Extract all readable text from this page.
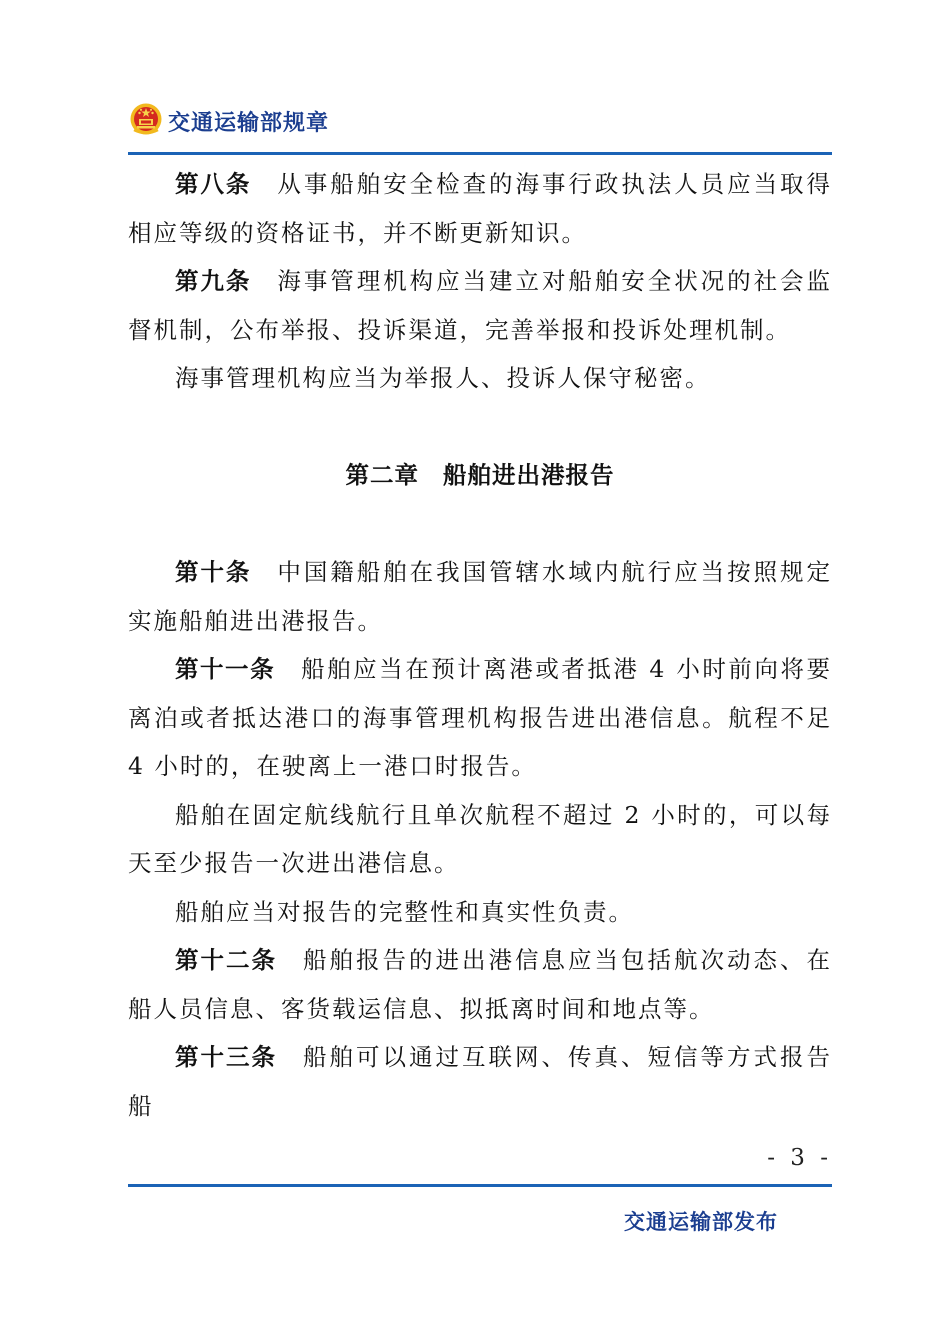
交通运输部规章

第八条 从事船舶安全检查的海事行政执法人员应当取得相应等级的资格证书，并不断更新知识。

第九条 海事管理机构应当建立对船舶安全状况的社会监督机制，公布举报、投诉渠道，完善举报和投诉处理机制。

海事管理机构应当为举报人、投诉人保守秘密。

第二章 船舶进出港报告

第十条 中国籍船舶在我国管辖水域内航行应当按照规定实施船舶进出港报告。

第十一条 船舶应当在预计离港或者抵港 4 小时前向将要离泊或者抵达港口的海事管理机构报告进出港信息。航程不足 4 小时的，在驶离上一港口时报告。

船舶在固定航线航行且单次航程不超过 2 小时的，可以每天至少报告一次进出港信息。

船舶应当对报告的完整性和真实性负责。

第十二条 船舶报告的进出港信息应当包括航次动态、在船人员信息、客货载运信息、拟抵离时间和地点等。

第十三条 船舶可以通过互联网、传真、短信等方式报告船

- 3 -
交通运输部发布
